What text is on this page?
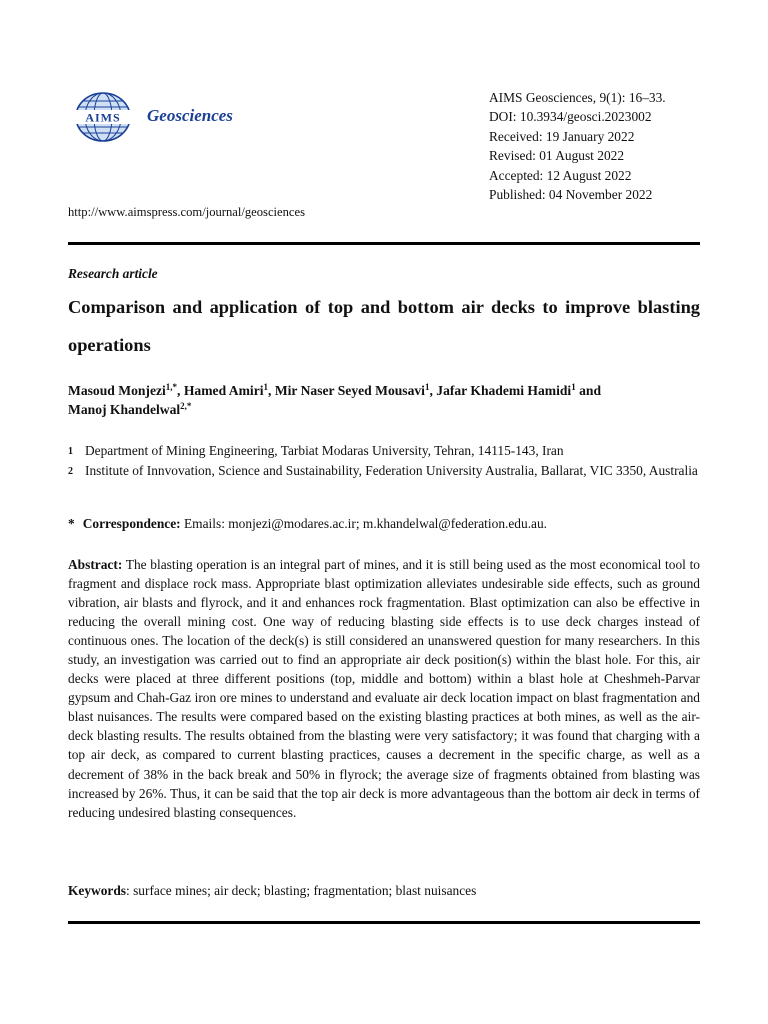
AIMS Geosciences
AIMS Geosciences, 9(1): 16–33.
DOI: 10.3934/geosci.2023002
Received: 19 January 2022
Revised: 01 August 2022
Accepted: 12 August 2022
Published: 04 November 2022
http://www.aimspress.com/journal/geosciences
Research article
Comparison and application of top and bottom air decks to improve blasting operations
Masoud Monjezi$^{1,*}$, Hamed Amiri$^1$, Mir Naser Seyed Mousavi$^1$, Jafar Khademi Hamidi$^1$ and
Manoj Khandelwal$^{2,*}$
1 Department of Mining Engineering, Tarbiat Modaras University, Tehran, 14115-143, Iran
2 Institute of Innvovation, Science and Sustainability, Federation University Australia, Ballarat, VIC 3350, Australia
* Correspondence: Emails: monjezi@modares.ac.ir; m.khandelwal@federation.edu.au.
Abstract: The blasting operation is an integral part of mines, and it is still being used as the most economical tool to fragment and displace rock mass. Appropriate blast optimization alleviates undesirable side effects, such as ground vibration, air blasts and flyrock, and it and enhances rock fragmentation. Blast optimization can also be effective in reducing the overall mining cost. One way of reducing blasting side effects is to use deck charges instead of continuous ones. The location of the deck(s) is still considered an unanswered question for many researchers. In this study, an investigation was carried out to find an appropriate air deck position(s) within the blast hole. For this, air decks were placed at three different positions (top, middle and bottom) within a blast hole at Cheshmeh-Parvar gypsum and Chah-Gaz iron ore mines to understand and evaluate air deck location impact on blast fragmentation and blast nuisances. The results were compared based on the existing blasting practices at both mines, as well as the air-deck blasting results. The results obtained from the blasting were very satisfactory; it was found that charging with a top air deck, as compared to current blasting practices, causes a decrement in the specific charge, as well as a decrement of 38% in the back break and 50% in flyrock; the average size of fragments obtained from blasting was increased by 26%. Thus, it can be said that the top air deck is more advantageous than the bottom air deck in terms of reducing undesired blasting consequences.
Keywords: surface mines; air deck; blasting; fragmentation; blast nuisances
